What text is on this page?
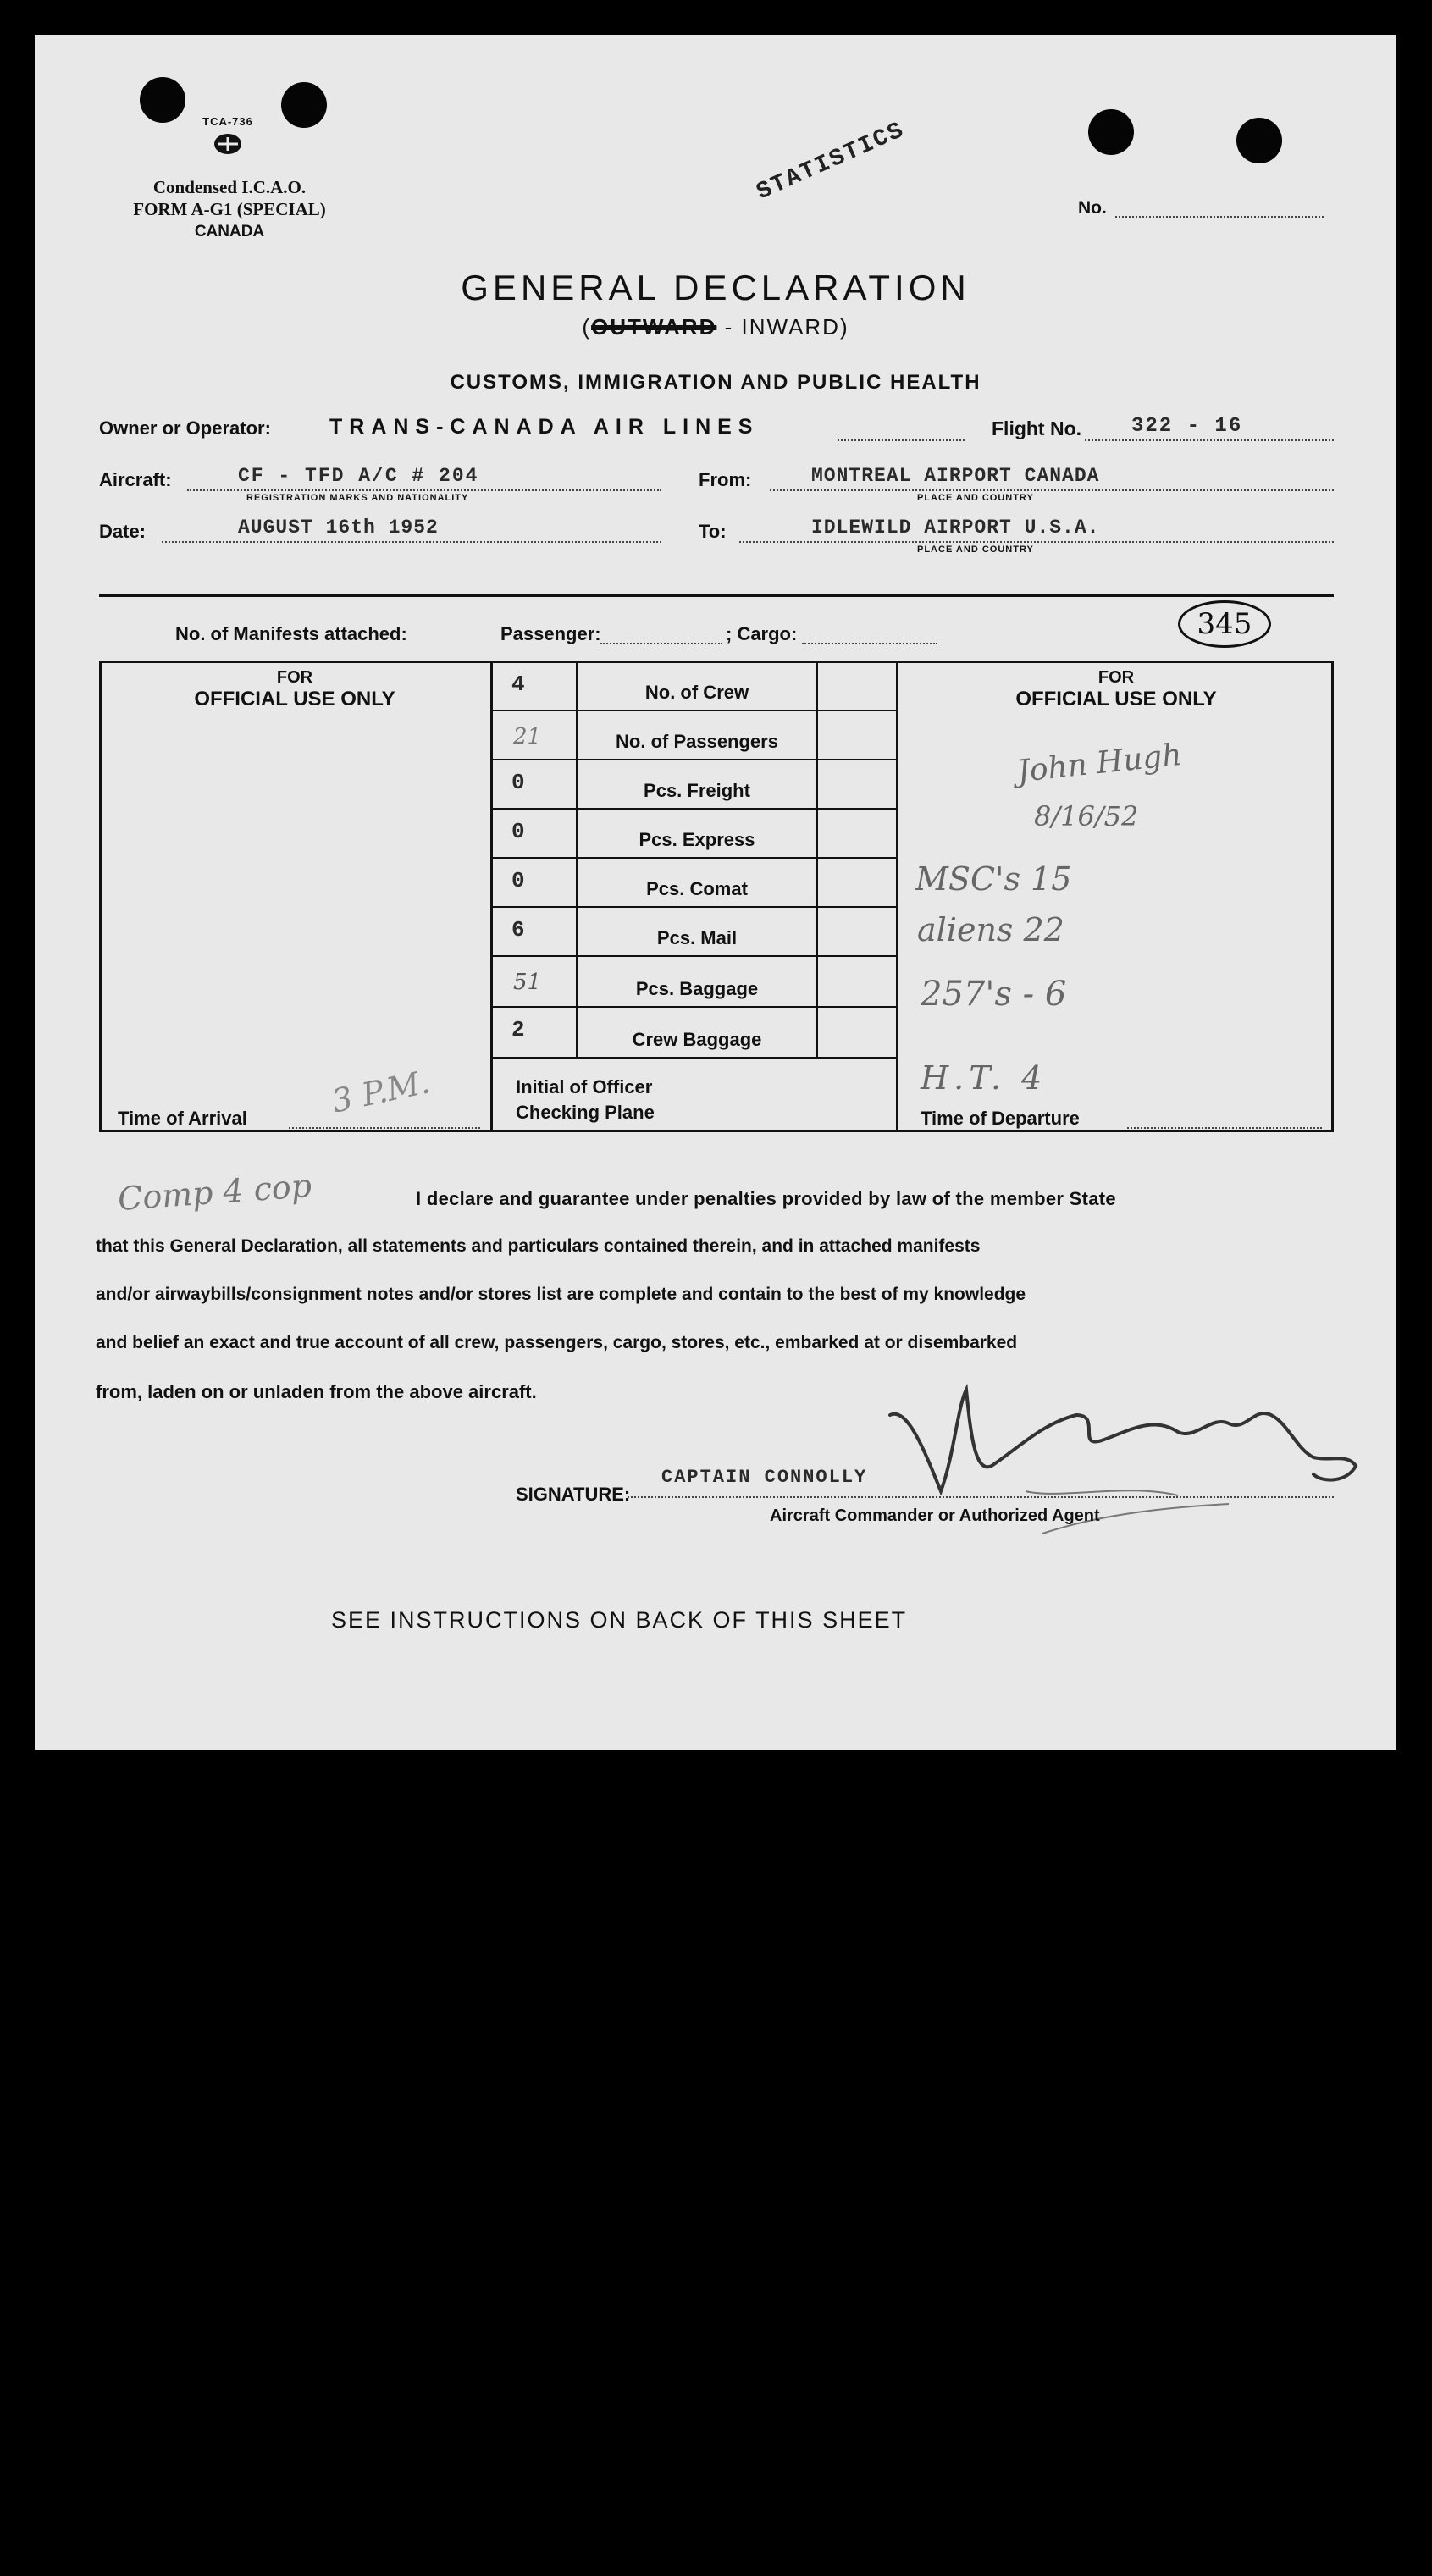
TCA-736
Condensed I.C.A.O.
FORM A-G1 (SPECIAL)
CANADA
STATISTICS
No.
GENERAL DECLARATION
(OUTWARD - INWARD)
CUSTOMS, IMMIGRATION AND PUBLIC HEALTH
Owner or Operator:	TRANS-CANADA AIR LINES	Flight No. 322 - 16
Aircraft:	CF - TFD A/C # 204
REGISTRATION MARKS AND NATIONALITY
From:	MONTREAL AIRPORT CANADA
PLACE AND COUNTRY
Date:	AUGUST 16th 1952	To:	IDLEWILD AIRPORT U.S.A.
PLACE AND COUNTRY
No. of Manifests attached:	Passenger:	; Cargo:	345
FOR
OFFICIAL USE ONLY
FOR
OFFICIAL USE ONLY
4	No. of Crew
21	No. of Passengers
0	Pcs. Freight
0	Pcs. Express
0	Pcs. Comat
6	Pcs. Mail
51	Pcs. Baggage
2	Crew Baggage
Initial of Officer
Checking Plane
Time of Arrival	3 P.M.	Time of Departure
John Hugh
8/16/52
MSC's 15
aliens 22
257's - 6
H.T. 4
Comp 4 cop	I declare and guarantee under penalties provided by law of the member State
that this General Declaration, all statements and particulars contained therein, and in attached manifests
and/or airwaybills/consignment notes and/or stores list are complete and contain to the best of my knowledge
and belief an exact and true account of all crew, passengers, cargo, stores, etc., embarked at or disembarked
from, laden on or unladen from the above aircraft.
SIGNATURE:
CAPTAIN CONNOLLY
Aircraft Commander or Authorized Agent
SEE INSTRUCTIONS ON BACK OF THIS SHEET
